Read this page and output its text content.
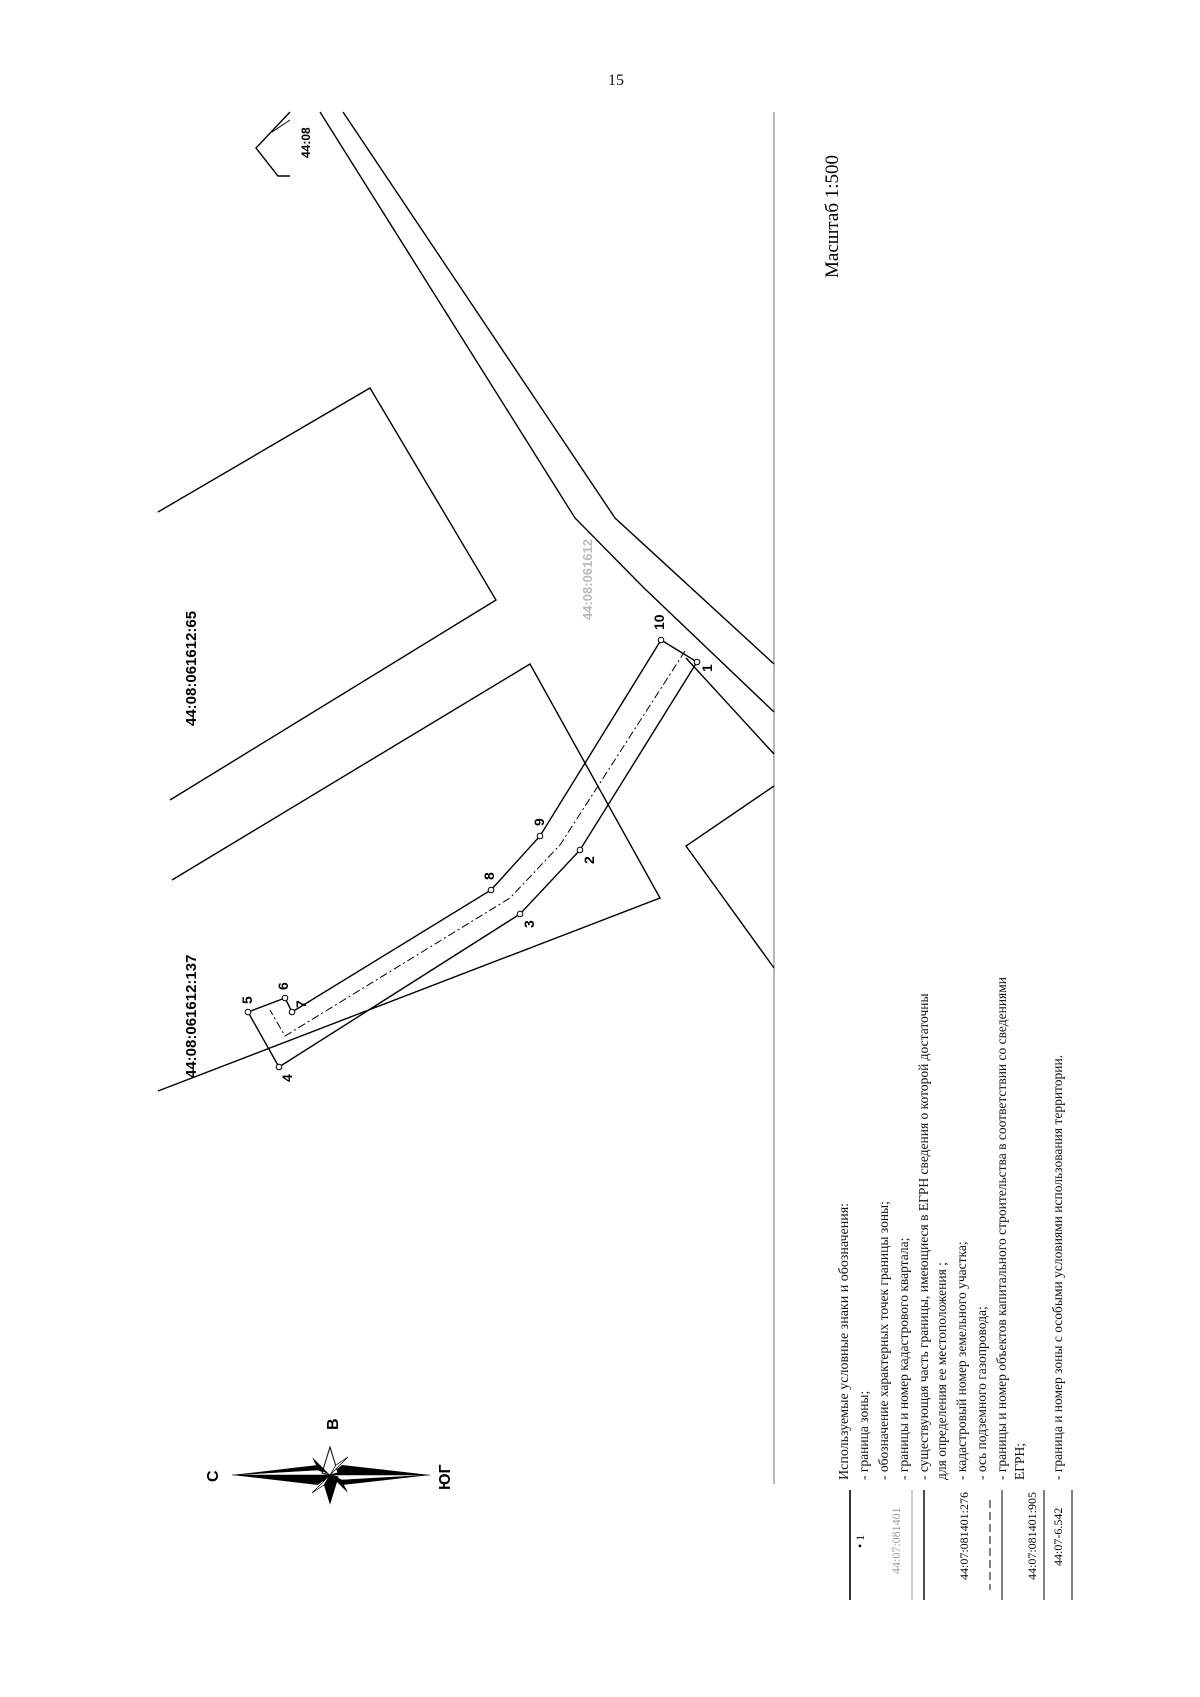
15
1
2
3
4
5
6
7
8
9
10
44:08:061612:137
44:08:061612:65
44:08:061612
44:08
Масштаб 1:500
С
В
ЮГ
• 1 44:07:081401	44:07:081401:276	44:07:081401:905 44:07-6.542
Используемые условные знаки и обозначения: - граница зоны; - обозначение характерных точек границы зоны; - границы и номер кадастрового квартала; - существующая часть границы, имеющиеся в ЕГРН сведения о которой достаточны для определения ее местоположения ; - кадастровый номер земельного участка; - ось подземного газопровода; - границы и номер объектов капитального строительства в соответствии со сведениями ЕГРН; - граница и номер зоны с особыми условиями использования территории.
